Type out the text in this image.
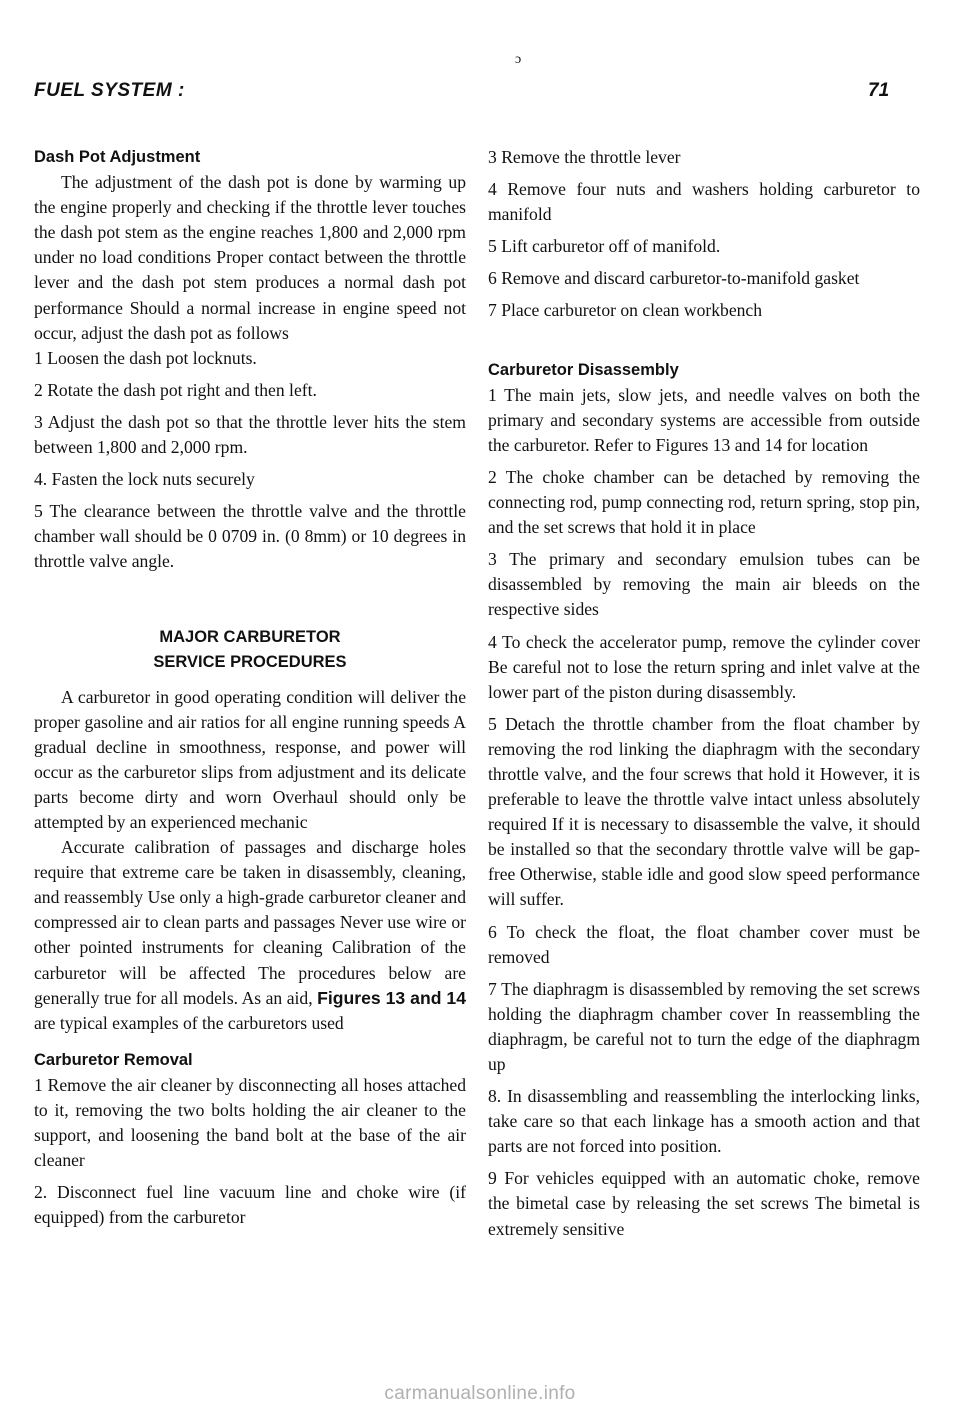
ɔ
FUEL SYSTEM :	71

Dash Pot Adjustment

The adjustment of the dash pot is done by warming up the engine properly and checking if the throttle lever touches the dash pot stem as the engine reaches 1,800 and 2,000 rpm under no load conditions Proper contact between the throttle lever and the dash pot stem produces a normal dash pot performance Should a normal increase in engine speed not occur, adjust the dash pot as follows

1 Loosen the dash pot locknuts.

2 Rotate the dash pot right and then left.

3 Adjust the dash pot so that the throttle lever hits the stem between 1,800 and 2,000 rpm.

4. Fasten the lock nuts securely

5 The clearance between the throttle valve and the throttle chamber wall should be 0 0709 in. (0 8mm) or 10 degrees in throttle valve angle.

MAJOR CARBURETOR
SERVICE PROCEDURES

A carburetor in good operating condition will deliver the proper gasoline and air ratios for all engine running speeds A gradual decline in smoothness, response, and power will occur as the carburetor slips from adjustment and its delicate parts become dirty and worn Overhaul should only be attempted by an experienced mechanic

Accurate calibration of passages and discharge holes require that extreme care be taken in disassembly, cleaning, and reassembly Use only a high-grade carburetor cleaner and compressed air to clean parts and passages Never use wire or other pointed instruments for cleaning Calibration of the carburetor will be affected The procedures below are generally true for all models. As an aid, Figures 13 and 14 are typical examples of the carburetors used

Carburetor Removal

1 Remove the air cleaner by disconnecting all hoses attached to it, removing the two bolts holding the air cleaner to the support, and loosening the band bolt at the base of the air cleaner

2. Disconnect fuel line vacuum line and choke wire (if equipped) from the carburetor

3 Remove the throttle lever

4 Remove four nuts and washers holding carburetor to manifold

5 Lift carburetor off of manifold.

6 Remove and discard carburetor-to-manifold gasket

7 Place carburetor on clean workbench

Carburetor Disassembly

1 The main jets, slow jets, and needle valves on both the primary and secondary systems are accessible from outside the carburetor. Refer to Figures 13 and 14 for location

2 The choke chamber can be detached by removing the connecting rod, pump connecting rod, return spring, stop pin, and the set screws that hold it in place

3 The primary and secondary emulsion tubes can be disassembled by removing the main air bleeds on the respective sides

4 To check the accelerator pump, remove the cylinder cover Be careful not to lose the return spring and inlet valve at the lower part of the piston during disassembly.

5 Detach the throttle chamber from the float chamber by removing the rod linking the diaphragm with the secondary throttle valve, and the four screws that hold it However, it is preferable to leave the throttle valve intact unless absolutely required If it is necessary to disassemble the valve, it should be installed so that the secondary throttle valve will be gap-free Otherwise, stable idle and good slow speed performance will suffer.

6 To check the float, the float chamber cover must be removed

7 The diaphragm is disassembled by removing the set screws holding the diaphragm chamber cover In reassembling the diaphragm, be careful not to turn the edge of the diaphragm up

8. In disassembling and reassembling the interlocking links, take care so that each linkage has a smooth action and that parts are not forced into position.

9 For vehicles equipped with an automatic choke, remove the bimetal case by releasing the set screws The bimetal is extremely sensitive

carmanualsonline.info
